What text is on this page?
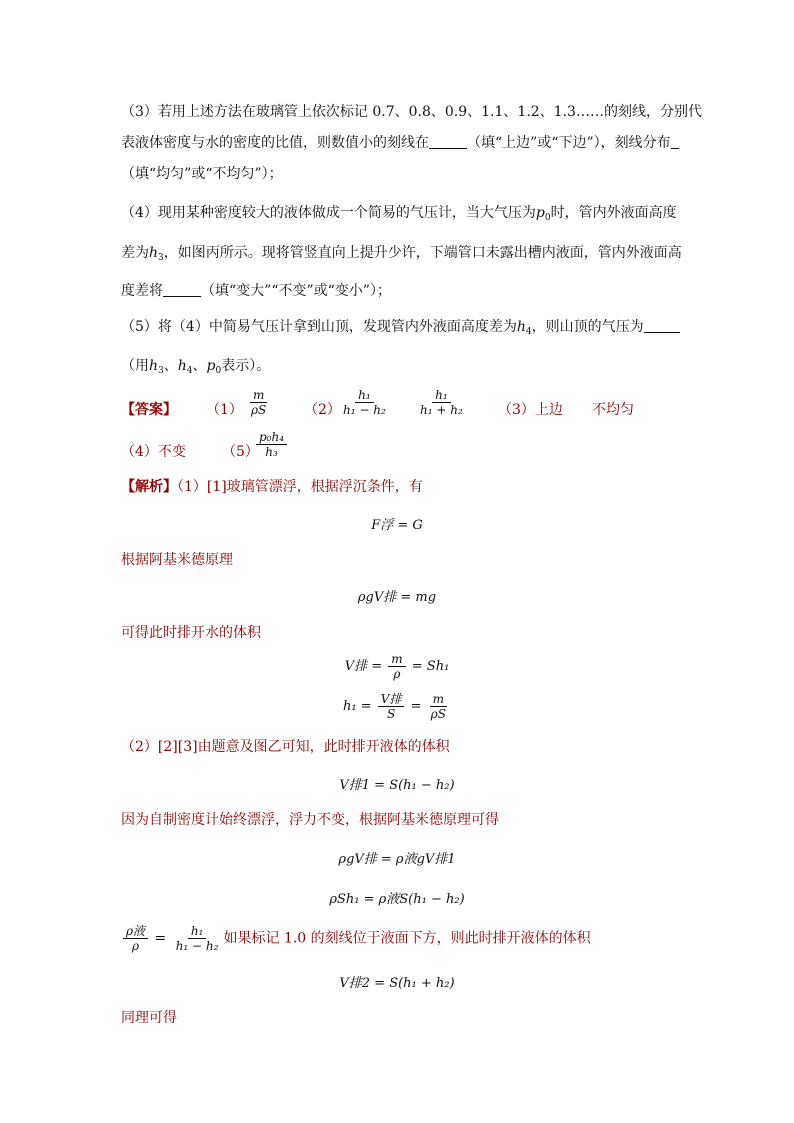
（3）若用上述方法在玻璃管上依次标记 0.7、0.8、0.9、1.1、1.2、1.3……的刻线，分别代
表液体密度与水的密度的比值，则数值小的刻线在	（填“上边”或“下边”），刻线分布
（填“均匀”或“不均匀”）；
（4）现用某种密度较大的液体做成一个简易的气压计，当大气压为$p_0$时，管内外液面高度
差为$h_3$，如图丙所示。现将管竖直向上提升少许，下端管口未露出槽内液面，管内外液面高
度差将	（填“变大”“不变”或“变小”）；
（5）将（4）中简易气压计拿到山顶，发现管内外液面高度差为$h_4$，则山顶的气压为
（用$h_3$、$h_4$、$p_0$表示）。
【答案】 $(1) \frac{m}{\rho S} (2) \frac{\text{h₁}}{\text{h₁ − h₂}} \frac{\text{h₁}}{\text{h₁ + h₂}} (3)$上边 不均匀
（4）不变	（5）
$\frac{\text{p₀h₄}}{\text{h₃}}$
【解析】（1）[1]玻璃管漂浮，根据浮沉条件，有
F浮 = G
根据阿基米德原理
ρgV排 = mg
可得此时排开水的体积
V排 = $\frac{m}{\rho} = Sh_1$
$h_1 = \frac{\text{V排}}{S} = \frac{m}{\rho S}$
（2）[2][3]由题意及图乙可知，此时排开液体的体积
V排1 = S(h₁ − h₂)
因为自制密度计始终漂浮，浮力不变，根据阿基米德原理可得
ρgV排 = ρ液gV排1
ρSh₁ = ρ液S(h₁ − h₂)
$\frac{\text{ρ液}}{\rho} = \frac{\text{h₁}}{\text{h₁ − h₂}}$ 如果标记 1.0 的刻线位于液面下方，则此时排开液体的体积
V排2 = S(h₁ + h₂)
同理可得
